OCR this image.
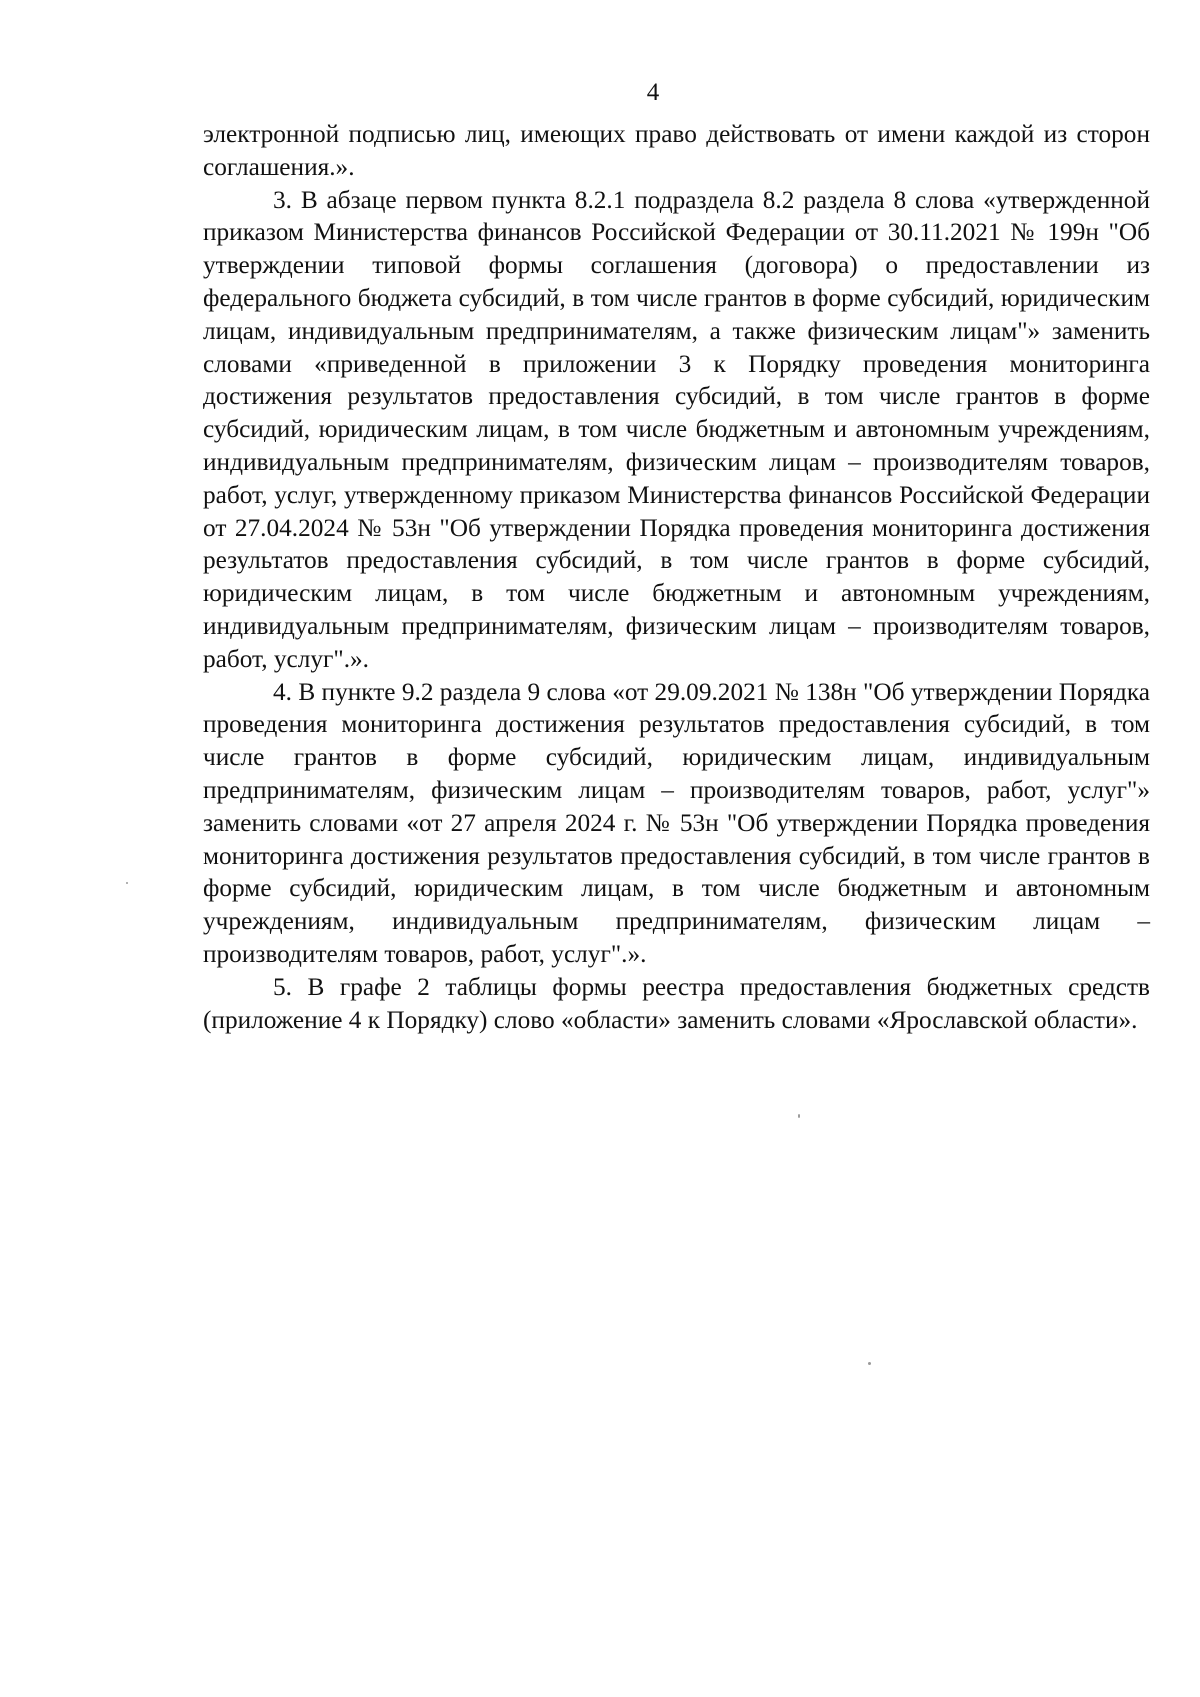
4

электронной подписью лиц, имеющих право действовать от имени каждой из сторон соглашения.».

3. В абзаце первом пункта 8.2.1 подраздела 8.2 раздела 8 слова «утвержденной приказом Министерства финансов Российской Федерации от 30.11.2021 № 199н "Об утверждении типовой формы соглашения (договора) о предоставлении из федерального бюджета субсидий, в том числе грантов в форме субсидий, юридическим лицам, индивидуальным предпринимателям, а также физическим лицам"» заменить словами «приведенной в приложении 3 к Порядку проведения мониторинга достижения результатов предоставления субсидий, в том числе грантов в форме субсидий, юридическим лицам, в том числе бюджетным и автономным учреждениям, индивидуальным предпринимателям, физическим лицам – производителям товаров, работ, услуг, утвержденному приказом Министерства финансов Российской Федерации от 27.04.2024 № 53н "Об утверждении Порядка проведения мониторинга достижения результатов предоставления субсидий, в том числе грантов в форме субсидий, юридическим лицам, в том числе бюджетным и автономным учреждениям, индивидуальным предпринимателям, физическим лицам – производителям товаров, работ, услуг".».

4. В пункте 9.2 раздела 9 слова «от 29.09.2021 № 138н "Об утверждении Порядка проведения мониторинга достижения результатов предоставления субсидий, в том числе грантов в форме субсидий, юридическим лицам, индивидуальным предпринимателям, физическим лицам – производителям товаров, работ, услуг"» заменить словами «от 27 апреля 2024 г. № 53н "Об утверждении Порядка проведения мониторинга достижения результатов предоставления субсидий, в том числе грантов в форме субсидий, юридическим лицам, в том числе бюджетным и автономным учреждениям, индивидуальным предпринимателям, физическим лицам – производителям товаров, работ, услуг".».

5. В графе 2 таблицы формы реестра предоставления бюджетных средств (приложение 4 к Порядку) слово «области» заменить словами «Ярославской области».
